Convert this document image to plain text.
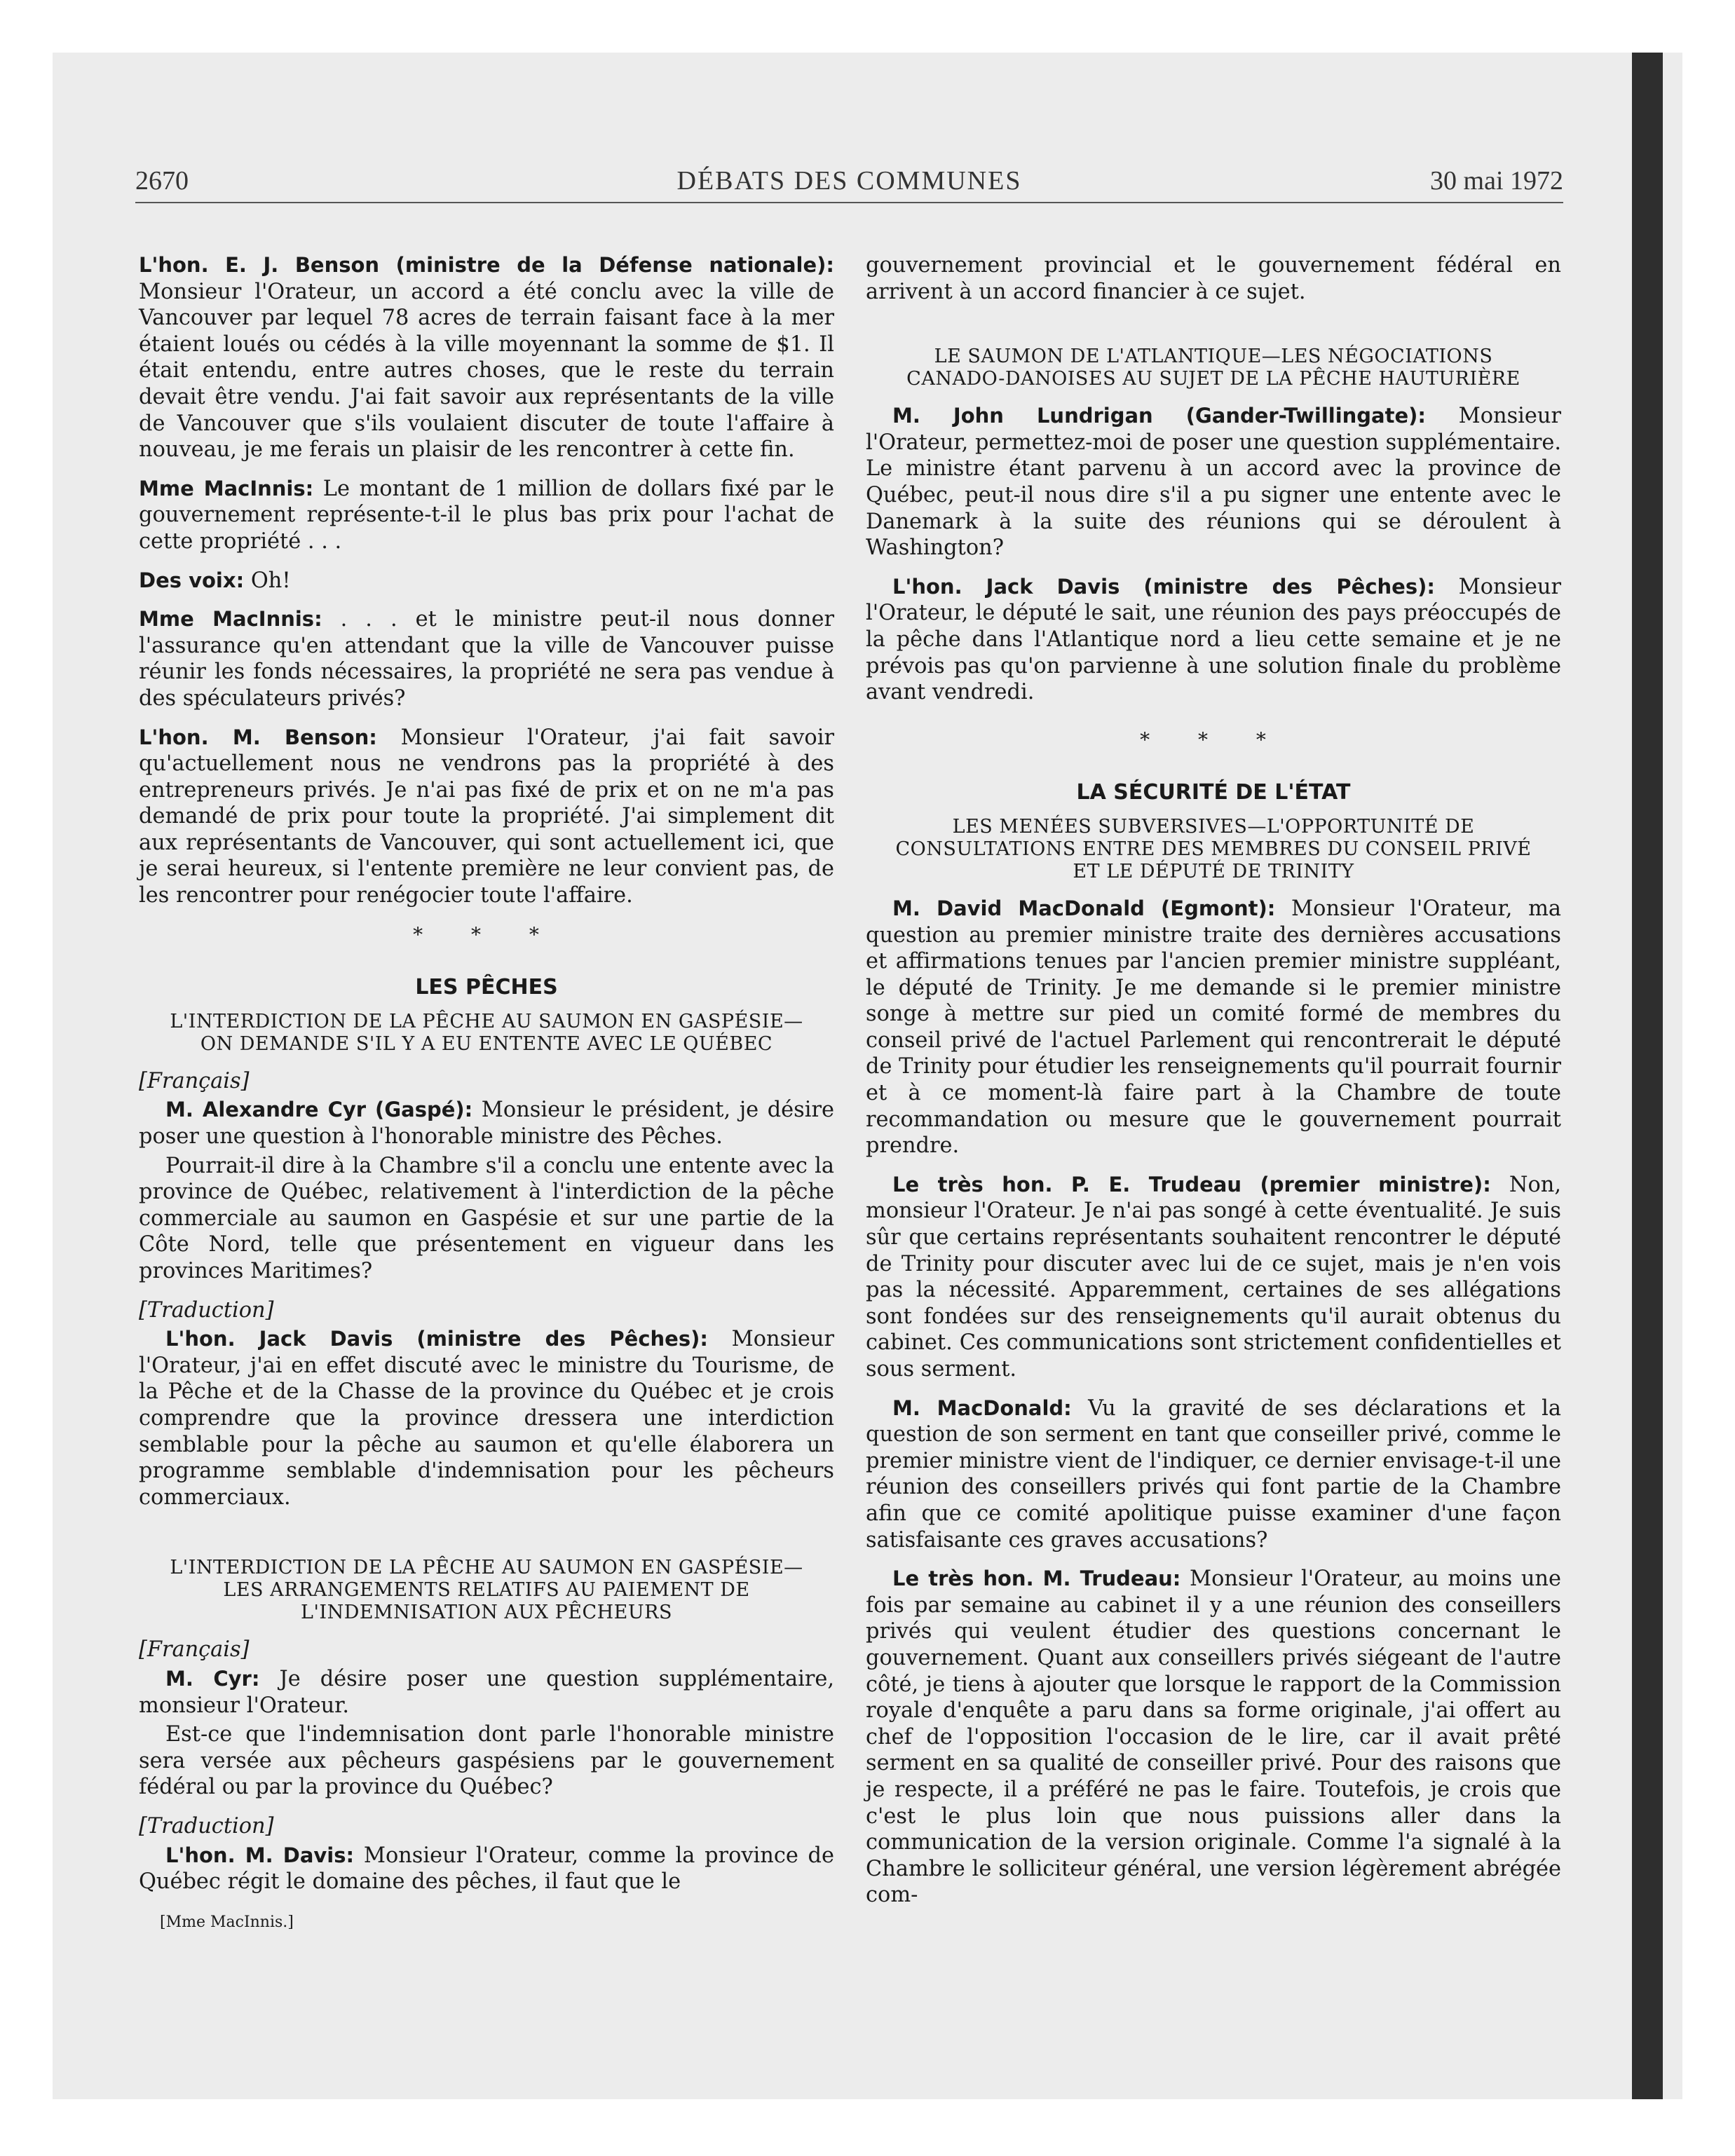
2670	DÉBATS DES COMMUNES	30 mai 1972

L'hon. E. J. Benson (ministre de la Défense nationale): Monsieur l'Orateur, un accord a été conclu avec la ville de Vancouver par lequel 78 acres de terrain faisant face à la mer étaient loués ou cédés à la ville moyennant la somme de $1. Il était entendu, entre autres choses, que le reste du terrain devait être vendu. J'ai fait savoir aux représentants de la ville de Vancouver que s'ils voulaient discuter de toute l'affaire à nouveau, je me ferais un plaisir de les rencontrer à cette fin.

Mme MacInnis: Le montant de 1 million de dollars fixé par le gouvernement représente-t-il le plus bas prix pour l'achat de cette propriété . . .

Des voix: Oh!

Mme MacInnis: . . . et le ministre peut-il nous donner l'assurance qu'en attendant que la ville de Vancouver puisse réunir les fonds nécessaires, la propriété ne sera pas vendue à des spéculateurs privés?

L'hon. M. Benson: Monsieur l'Orateur, j'ai fait savoir qu'actuellement nous ne vendrons pas la propriété à des entrepreneurs privés. Je n'ai pas fixé de prix et on ne m'a pas demandé de prix pour toute la propriété. J'ai simplement dit aux représentants de Vancouver, qui sont actuellement ici, que je serai heureux, si l'entente première ne leur convient pas, de les rencontrer pour renégocier toute l'affaire.

* * *
LES PÊCHES
L'INTERDICTION DE LA PÊCHE AU SAUMON EN GASPÉSIE—ON DEMANDE S'IL Y A EU ENTENTE AVEC LE QUÉBEC
[Français]

M. Alexandre Cyr (Gaspé): Monsieur le président, je désire poser une question à l'honorable ministre des Pêches.

Pourrait-il dire à la Chambre s'il a conclu une entente avec la province de Québec, relativement à l'interdiction de la pêche commerciale au saumon en Gaspésie et sur une partie de la Côte Nord, telle que présentement en vigueur dans les provinces Maritimes?

[Traduction]

L'hon. Jack Davis (ministre des Pêches): Monsieur l'Orateur, j'ai en effet discuté avec le ministre du Tourisme, de la Pêche et de la Chasse de la province du Québec et je crois comprendre que la province dressera une interdiction semblable pour la pêche au saumon et qu'elle élaborera un programme semblable d'indemnisation pour les pêcheurs commerciaux.

L'INTERDICTION DE LA PÊCHE AU SAUMON EN GASPÉSIE—LES ARRANGEMENTS RELATIFS AU PAIEMENT DE L'INDEMNISATION AUX PÊCHEURS
[Français]

M. Cyr: Je désire poser une question supplémentaire, monsieur l'Orateur.

Est-ce que l'indemnisation dont parle l'honorable ministre sera versée aux pêcheurs gaspésiens par le gouvernement fédéral ou par la province du Québec?

[Traduction]

L'hon. M. Davis: Monsieur l'Orateur, comme la province de Québec régit le domaine des pêches, il faut que le

[Mme MacInnis.]

gouvernement provincial et le gouvernement fédéral en arrivent à un accord financier à ce sujet.

LE SAUMON DE L'ATLANTIQUE—LES NÉGOCIATIONS CANADO-DANOISES AU SUJET DE LA PÊCHE HAUTURIÈRE

M. John Lundrigan (Gander-Twillingate): Monsieur l'Orateur, permettez-moi de poser une question supplémentaire. Le ministre étant parvenu à un accord avec la province de Québec, peut-il nous dire s'il a pu signer une entente avec le Danemark à la suite des réunions qui se déroulent à Washington?

L'hon. Jack Davis (ministre des Pêches): Monsieur l'Orateur, le député le sait, une réunion des pays préoccupés de la pêche dans l'Atlantique nord a lieu cette semaine et je ne prévois pas qu'on parvienne à une solution finale du problème avant vendredi.

* * *
LA SÉCURITÉ DE L'ÉTAT
LES MENÉES SUBVERSIVES—L'OPPORTUNITÉ DE CONSULTATIONS ENTRE DES MEMBRES DU CONSEIL PRIVÉ ET LE DÉPUTÉ DE TRINITY

M. David MacDonald (Egmont): Monsieur l'Orateur, ma question au premier ministre traite des dernières accusations et affirmations tenues par l'ancien premier ministre suppléant, le député de Trinity. Je me demande si le premier ministre songe à mettre sur pied un comité formé de membres du conseil privé de l'actuel Parlement qui rencontrerait le député de Trinity pour étudier les renseignements qu'il pourrait fournir et à ce moment-là faire part à la Chambre de toute recommandation ou mesure que le gouvernement pourrait prendre.

Le très hon. P. E. Trudeau (premier ministre): Non, monsieur l'Orateur. Je n'ai pas songé à cette éventualité. Je suis sûr que certains représentants souhaitent rencontrer le député de Trinity pour discuter avec lui de ce sujet, mais je n'en vois pas la nécessité. Apparemment, certaines de ses allégations sont fondées sur des renseignements qu'il aurait obtenus du cabinet. Ces communications sont strictement confidentielles et sous serment.

M. MacDonald: Vu la gravité de ses déclarations et la question de son serment en tant que conseiller privé, comme le premier ministre vient de l'indiquer, ce dernier envisage-t-il une réunion des conseillers privés qui font partie de la Chambre afin que ce comité apolitique puisse examiner d'une façon satisfaisante ces graves accusations?

Le très hon. M. Trudeau: Monsieur l'Orateur, au moins une fois par semaine au cabinet il y a une réunion des conseillers privés qui veulent étudier des questions concernant le gouvernement. Quant aux conseillers privés siégeant de l'autre côté, je tiens à ajouter que lorsque le rapport de la Commission royale d'enquête a paru dans sa forme originale, j'ai offert au chef de l'opposition l'occasion de le lire, car il avait prêté serment en sa qualité de conseiller privé. Pour des raisons que je respecte, il a préféré ne pas le faire. Toutefois, je crois que c'est le plus loin que nous puissions aller dans la communication de la version originale. Comme l'a signalé à la Chambre le solliciteur général, une version légèrement abrégée com-
